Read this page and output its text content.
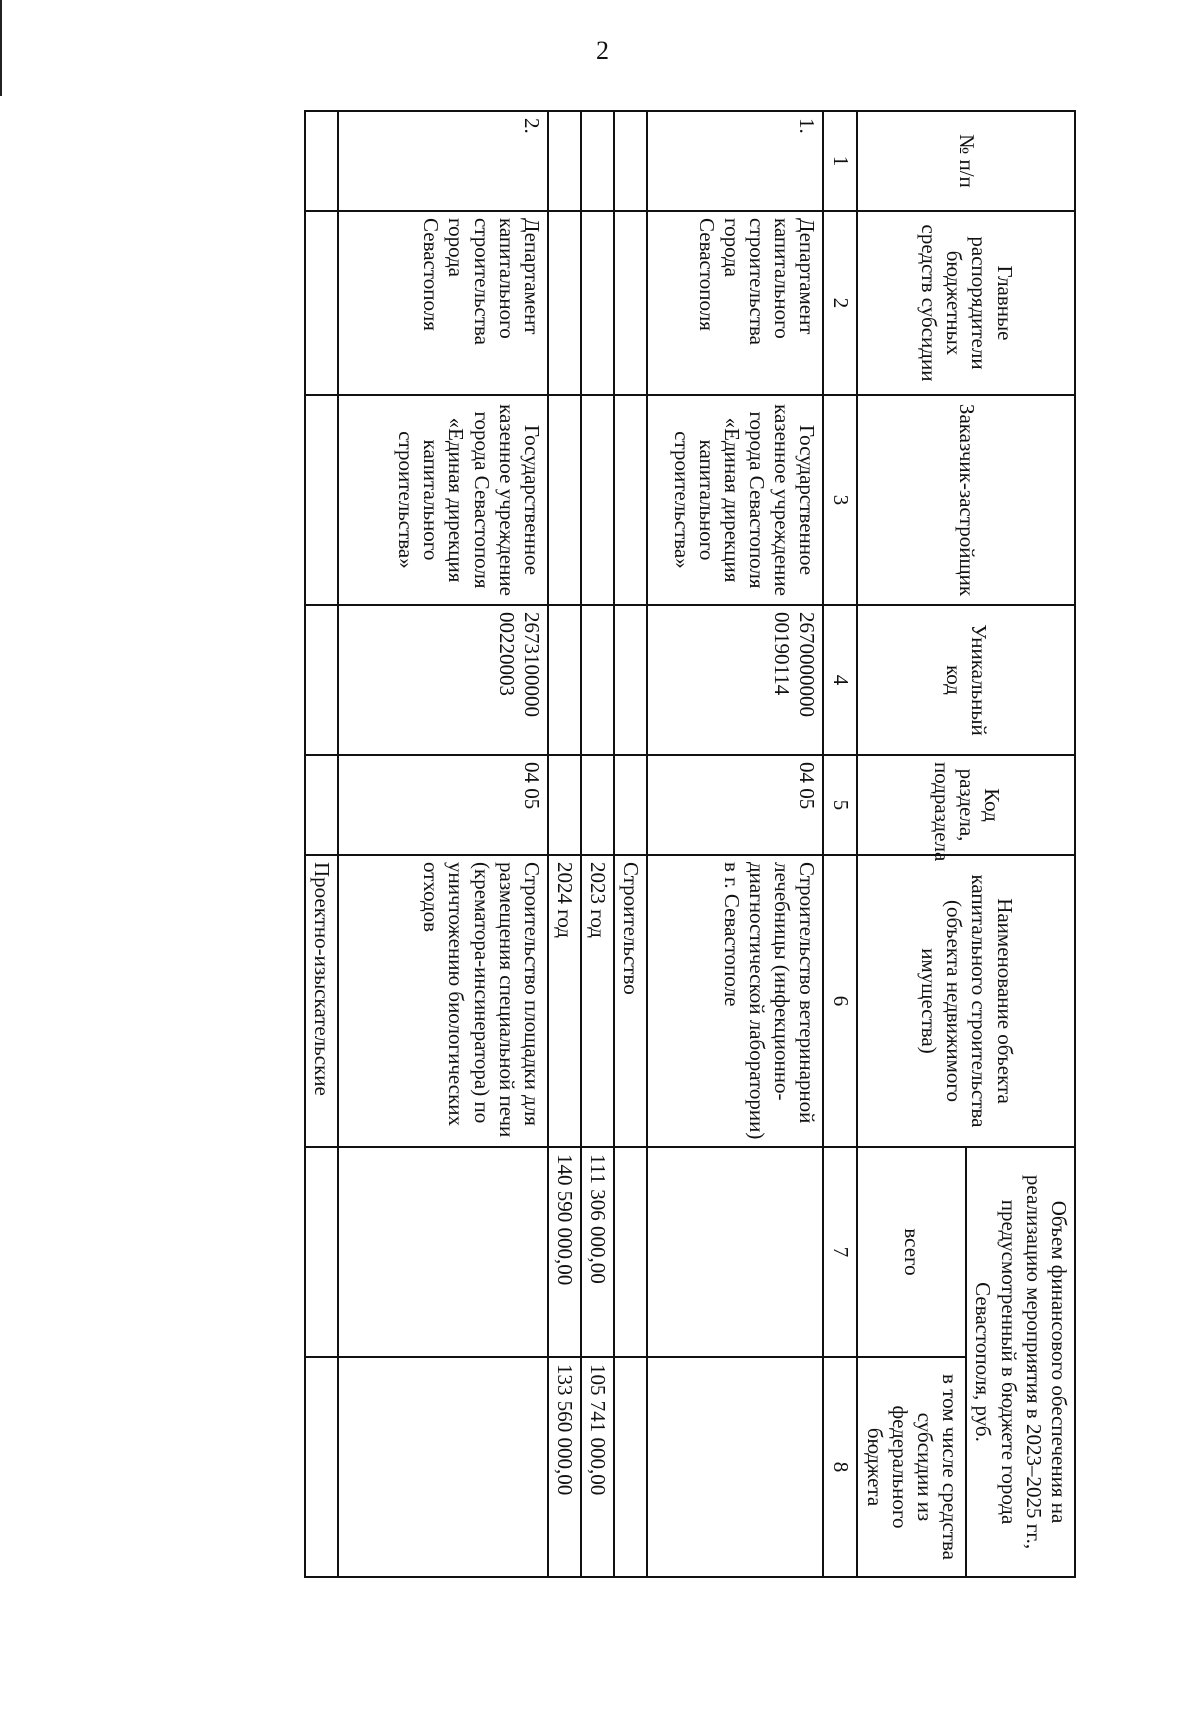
2
№ п/п	Главные распорядители бюджетных средств субсидии	Заказчик-застройщик	Уникальный код	Код раздела, подраздела	Наименование объекта капитального строительства (объекта недвижимого имущества)	Объем финансового обеспечения на реализацию мероприятия в 2023–2025 гг., предусмотренный в бюджете города Севастополя, руб.	
						всего	в том числе средства субсидии из федерального бюджета
1	2	3	4	5	6	7	8
1.	Департамент капитального строительства города Севастополя	Государственное казенное учреждение города Севастополя «Единая дирекция капитального строительства»	2670000000 00190114	04 05	Строительство ветеринарной лечебницы (инфекционно-диагностической лаборатории) в г. Севастополе		
					Строительство		
					2023 год	111 306 000,00	105 741 000,00
					2024 год	140 590 000,00	133 560 000,00
2.	Департамент капитального строительства города Севастополя	Государственное казенное учреждение города Севастополя «Единая дирекция капитального строительства»	2673100000 00220003	04 05	Строительство площадки для размещения специальной печи (крематора-инсинератора) по уничтожению биологических отходов		
					Проектно-изыскательские		
